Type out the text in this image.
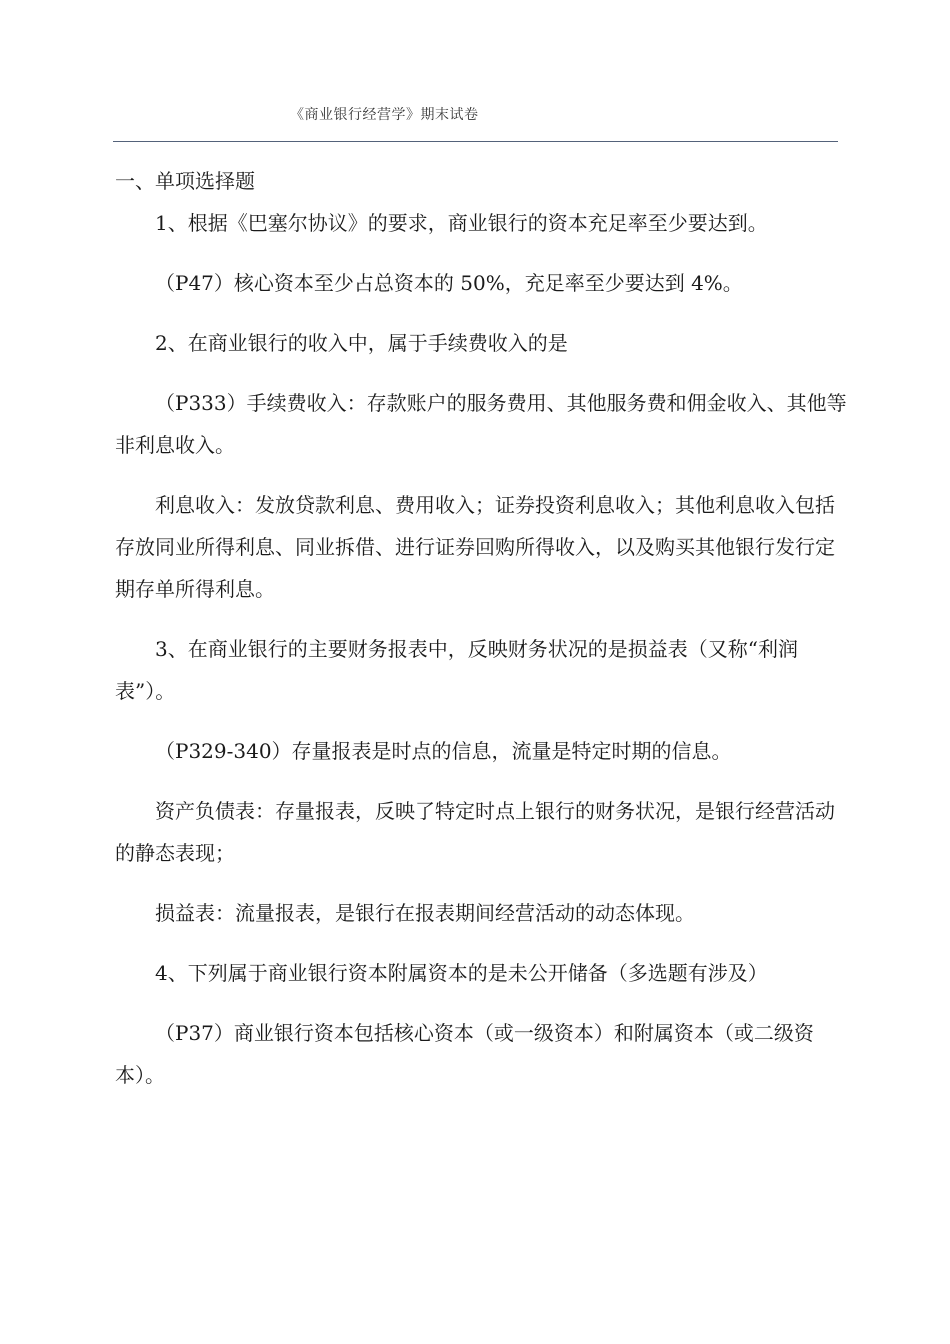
《商业银行经营学》期末试卷

一、单项选择题

1、根据《巴塞尔协议》的要求，商业银行的资本充足率至少要达到。

（P47）核心资本至少占总资本的 50%，充足率至少要达到 4%。

2、在商业银行的收入中，属于手续费收入的是

（P333）手续费收入：存款账户的服务费用、其他服务费和佣金收入、其他等非利息收入。

利息收入：发放贷款利息、费用收入；证券投资利息收入；其他利息收入包括存放同业所得利息、同业拆借、进行证券回购所得收入，以及购买其他银行发行定期存单所得利息。

3、在商业银行的主要财务报表中，反映财务状况的是损益表（又称“利润表”）。

（P329-340）存量报表是时点的信息，流量是特定时期的信息。

资产负债表：存量报表，反映了特定时点上银行的财务状况，是银行经营活动的静态表现；

损益表：流量报表，是银行在报表期间经营活动的动态体现。

4、下列属于商业银行资本附属资本的是未公开储备（多选题有涉及）

（P37）商业银行资本包括核心资本（或一级资本）和附属资本（或二级资本）。
